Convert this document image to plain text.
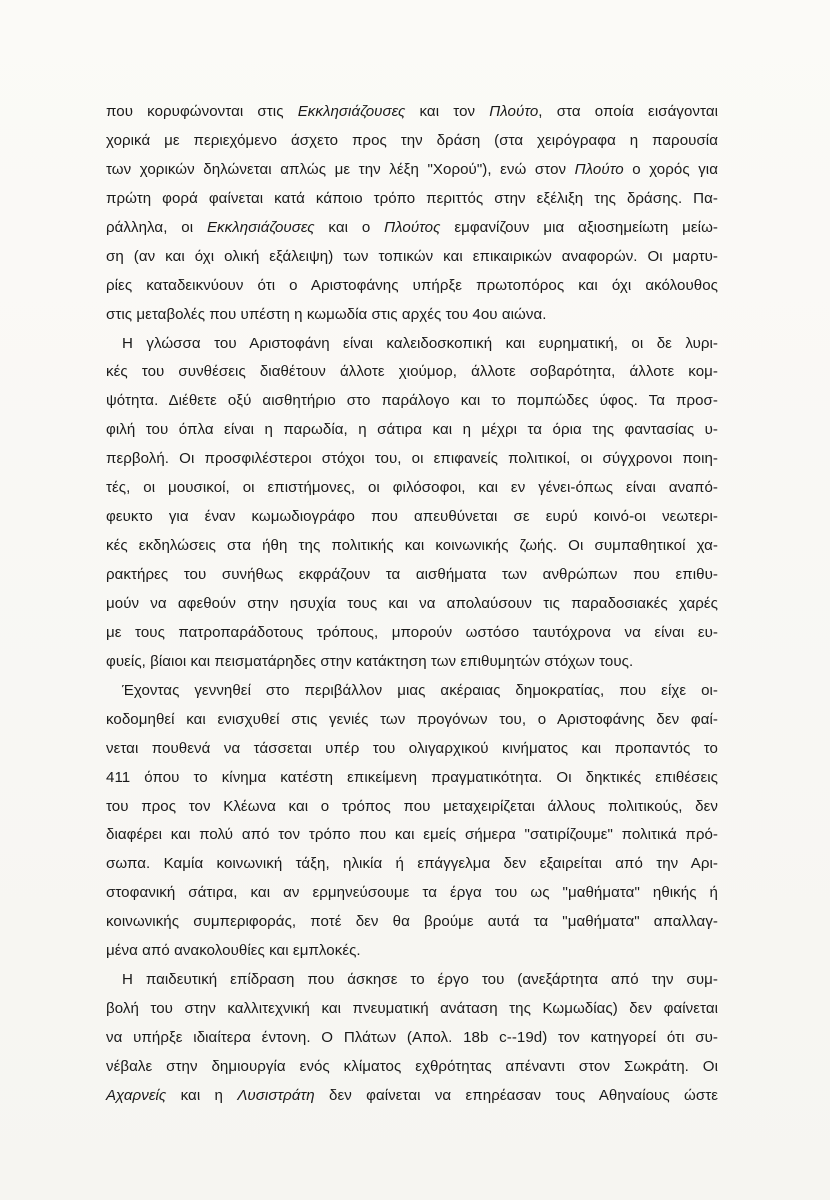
που κορυφώνονται στις Εκκλησιάζουσες και τον Πλούτο, στα οποία εισάγονται
χορικά με περιεχόμενο άσχετο προς την δράση (στα χειρόγραφα η παρουσία
των χορικών δηλώνεται απλώς με την λέξη "Χορού"), ενώ στον Πλούτο ο χορός για
πρώτη φορά φαίνεται κατά κάποιο τρόπο περιττός στην εξέλιξη της δράσης. Πα-
ράλληλα, οι Εκκλησιάζουσες και ο Πλούτος εμφανίζουν μια αξιοσημείωτη μείω-
ση (αν και όχι ολική εξάλειψη) των τοπικών και επικαιρικών αναφορών. Οι μαρτυ-
ρίες καταδεικνύουν ότι ο Αριστοφάνης υπήρξε πρωτοπόρος και όχι ακόλουθος
στις μεταβολές που υπέστη η κωμωδία στις αρχές του 4ου αιώνα.
Η γλώσσα του Αριστοφάνη είναι καλειδοσκοπική και ευρηματική, οι δε λυρι-
κές του συνθέσεις διαθέτουν άλλοτε χιούμορ, άλλοτε σοβαρότητα, άλλοτε κομ-
ψότητα. Διέθετε οξύ αισθητήριο στο παράλογο και το πομπώδες ύφος. Τα προσ-
φιλή του όπλα είναι η παρωδία, η σάτιρα και η μέχρι τα όρια της φαντασίας υ-
περβολή. Οι προσφιλέστεροι στόχοι του, οι επιφανείς πολιτικοί, οι σύγχρονοι ποιη-
τές, οι μουσικοί, οι επιστήμονες, οι φιλόσοφοι, και εν γένει-όπως είναι αναπό-
φευκτο για έναν κωμωδιογράφο που απευθύνεται σε ευρύ κοινό-οι νεωτερι-
κές εκδηλώσεις στα ήθη της πολιτικής και κοινωνικής ζωής. Οι συμπαθητικοί χα-
ρακτήρες του συνήθως εκφράζουν τα αισθήματα των ανθρώπων που επιθυ-
μούν να αφεθούν στην ησυχία τους και να απολαύσουν τις παραδοσιακές χαρές
με τους πατροπαράδοτους τρόπους, μπορούν ωστόσο ταυτόχρονα να είναι ευ-
φυείς, βίαιοι και πεισματάρηδες στην κατάκτηση των επιθυμητών στόχων τους.
Έχοντας γεννηθεί στο περιβάλλον μιας ακέραιας δημοκρατίας, που είχε οι-
κοδομηθεί και ενισχυθεί στις γενιές των προγόνων του, ο Αριστοφάνης δεν φαί-
νεται πουθενά να τάσσεται υπέρ του ολιγαρχικού κινήματος και προπαντός το
411 όπου το κίνημα κατέστη επικείμενη πραγματικότητα. Οι δηκτικές επιθέσεις
του προς τον Κλέωνα και ο τρόπος που μεταχειρίζεται άλλους πολιτικούς, δεν
διαφέρει και πολύ από τον τρόπο που και εμείς σήμερα "σατιρίζουμε" πολιτικά πρό-
σωπα. Καμία κοινωνική τάξη, ηλικία ή επάγγελμα δεν εξαιρείται από την Αρι-
στοφανική σάτιρα, και αν ερμηνεύσουμε τα έργα του ως "μαθήματα" ηθικής ή
κοινωνικής συμπεριφοράς, ποτέ δεν θα βρούμε αυτά τα "μαθήματα" απαλλαγ-
μένα από ανακολουθίες και εμπλοκές.
Η παιδευτική επίδραση που άσκησε το έργο του (ανεξάρτητα από την συμ-
βολή του στην καλλιτεχνική και πνευματική ανάταση της Κωμωδίας) δεν φαίνεται
να υπήρξε ιδιαίτερα έντονη. Ο Πλάτων (Απολ. 18b c--19d) τον κατηγορεί ότι συ-
νέβαλε στην δημιουργία ενός κλίματος εχθρότητας απέναντι στον Σωκράτη. Οι
Αχαρνείς και η Λυσιστράτη δεν φαίνεται να επηρέασαν τους Αθηναίους ώστε
